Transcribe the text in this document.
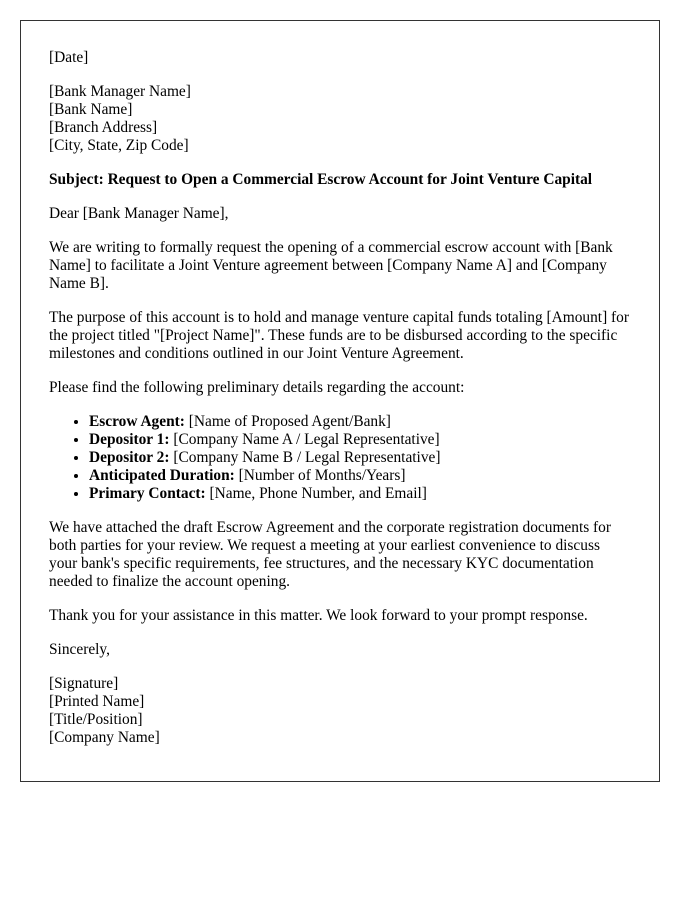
[Date]

[Bank Manager Name]

[Bank Name]

[Branch Address]

[City, State, Zip Code]

Subject: Request to Open a Commercial Escrow Account for Joint Venture Capital

Dear [Bank Manager Name],

We are writing to formally request the opening of a commercial escrow account with [Bank Name] to facilitate a Joint Venture agreement between [Company Name A] and [Company Name B].

The purpose of this account is to hold and manage venture capital funds totaling [Amount] for the project titled "[Project Name]". These funds are to be disbursed according to the specific milestones and conditions outlined in our Joint Venture Agreement.

Please find the following preliminary details regarding the account:

• Escrow Agent: [Name of Proposed Agent/Bank]
• Depositor 1: [Company Name A / Legal Representative]
• Depositor 2: [Company Name B / Legal Representative]
• Anticipated Duration: [Number of Months/Years]
• Primary Contact: [Name, Phone Number, and Email]

We have attached the draft Escrow Agreement and the corporate registration documents for both parties for your review. We request a meeting at your earliest convenience to discuss your bank's specific requirements, fee structures, and the necessary KYC documentation needed to finalize the account opening.

Thank you for your assistance in this matter. We look forward to your prompt response.

Sincerely,

[Signature]

[Printed Name]

[Title/Position]

[Company Name]
